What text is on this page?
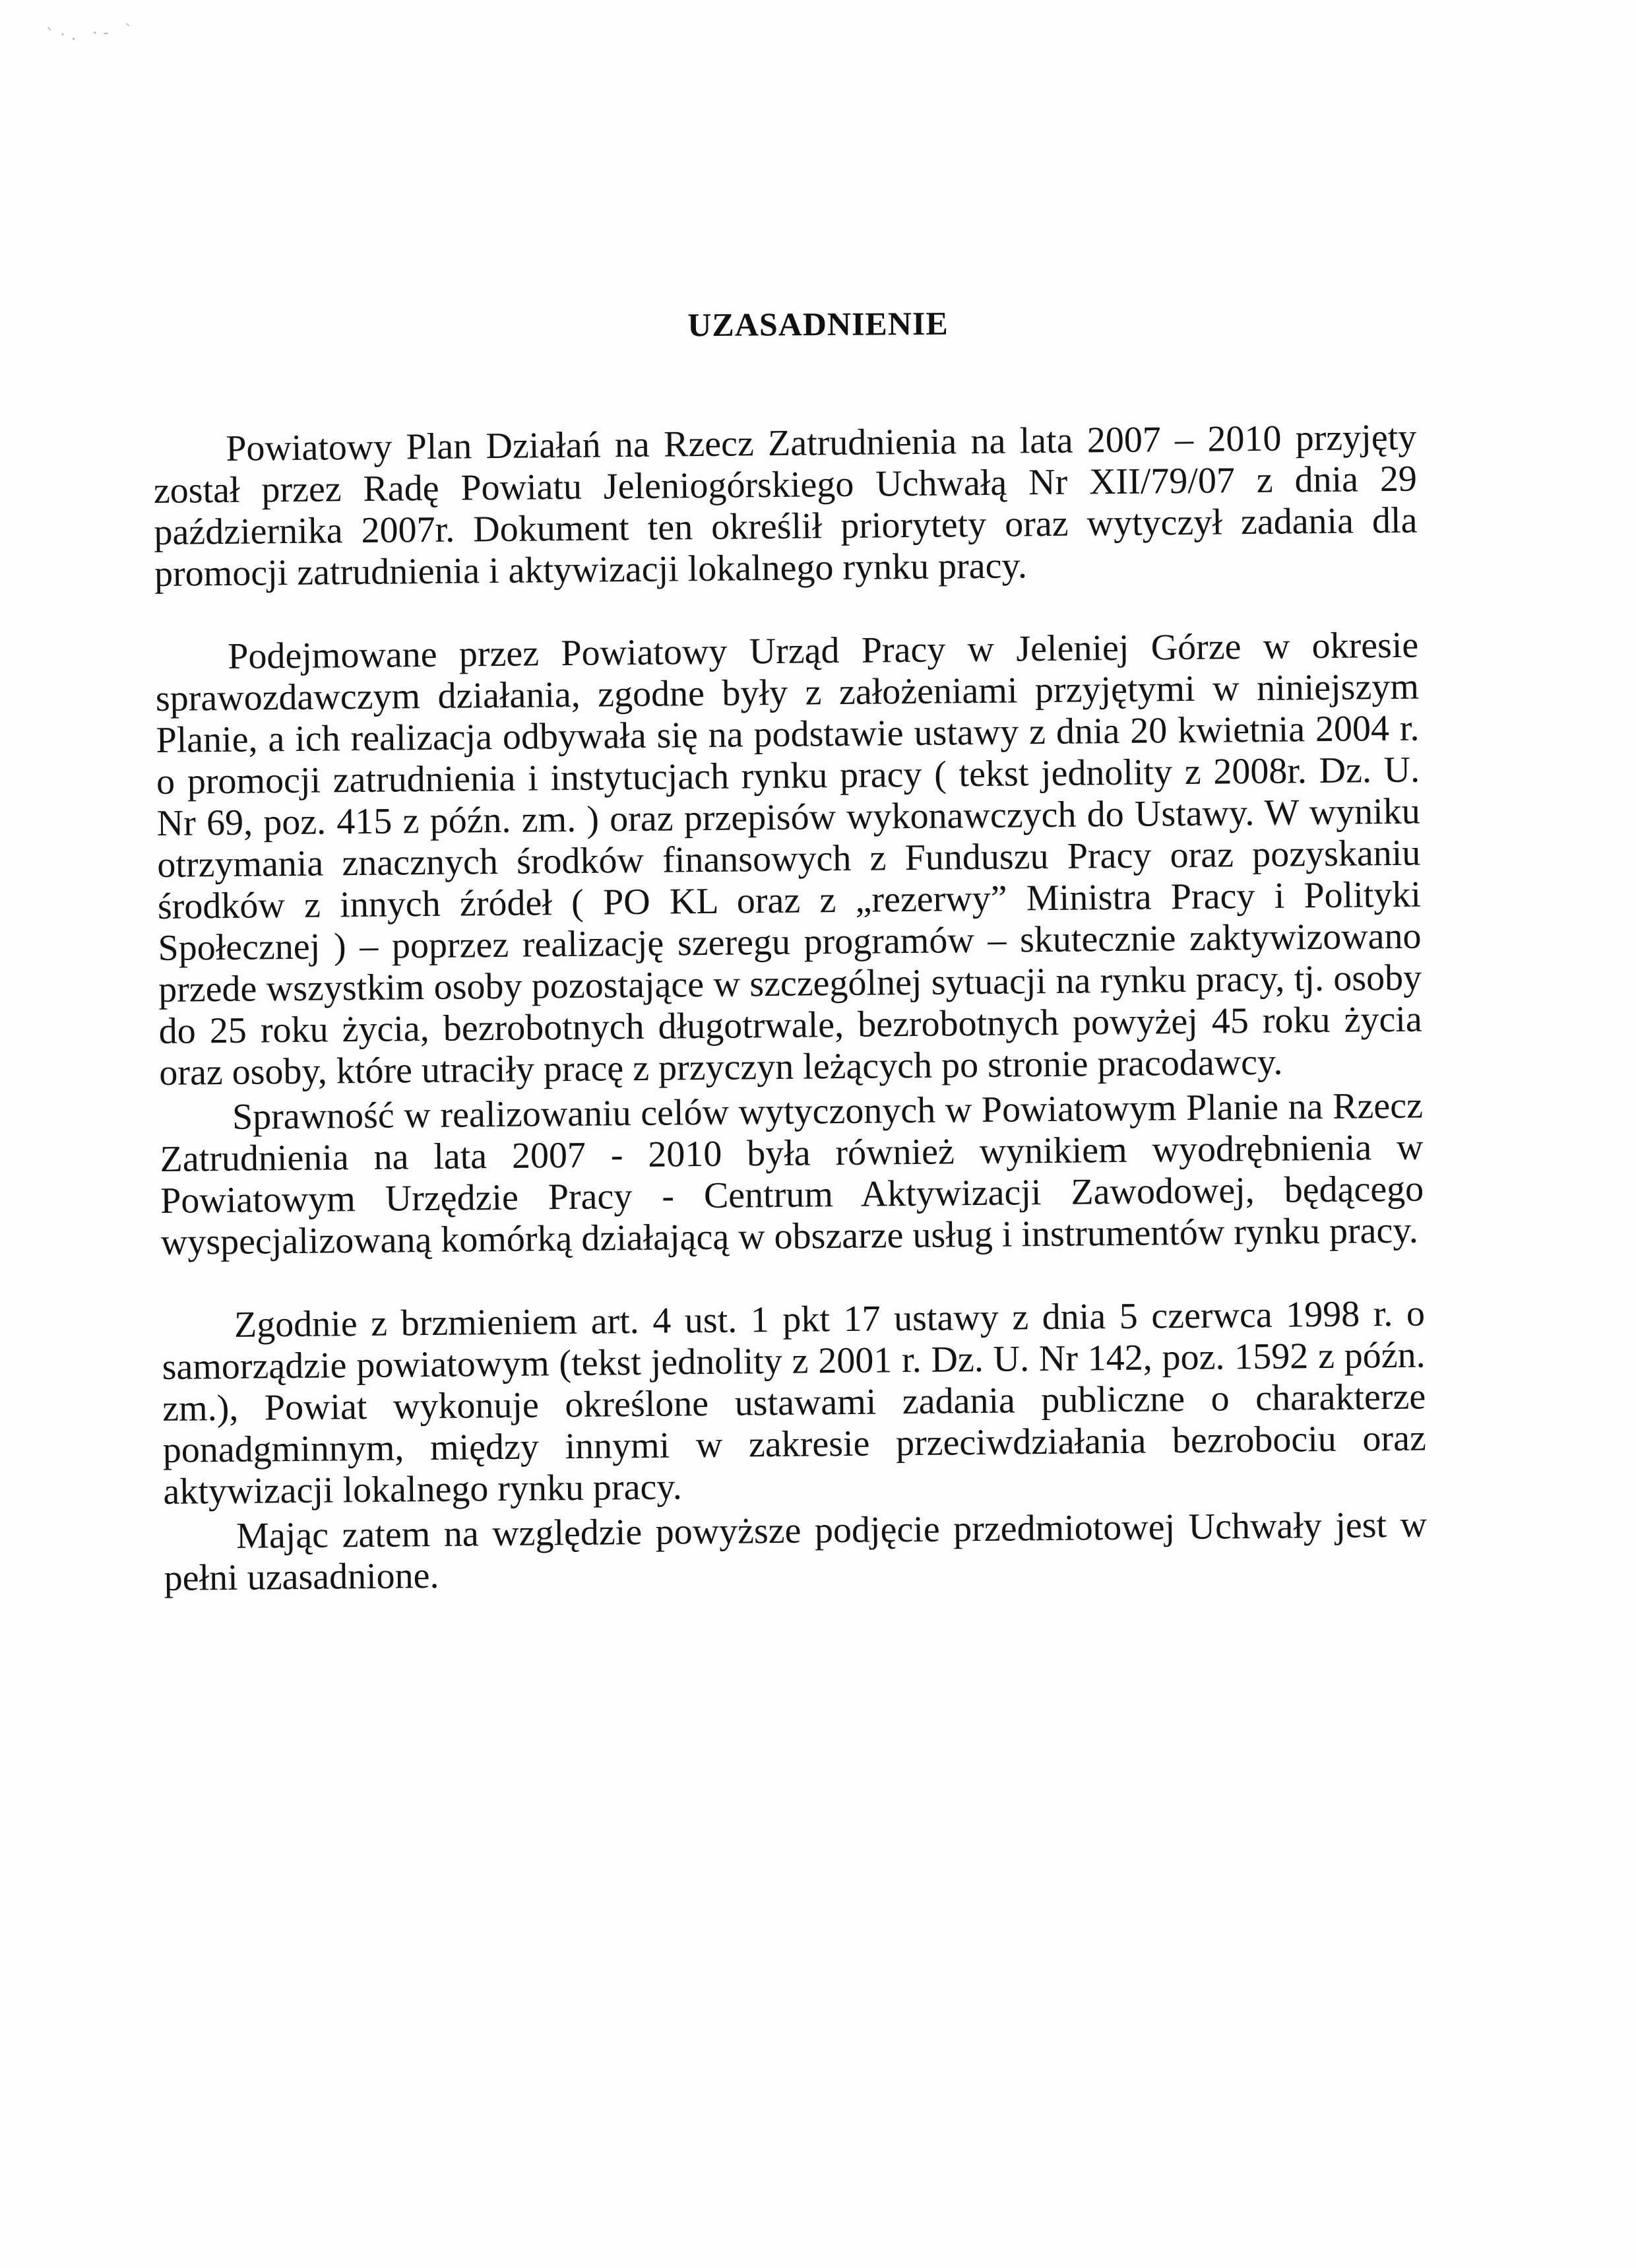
`·. ·- `
UZASADNIENIE

Powiatowy Plan Działań na Rzecz Zatrudnienia na lata 2007 – 2010 przyjęty został przez Radę Powiatu Jeleniogórskiego Uchwałą Nr XII/79/07 z dnia 29 października 2007r. Dokument ten określił priorytety oraz wytyczył zadania dla promocji zatrudnienia i aktywizacji lokalnego rynku pracy.

Podejmowane przez Powiatowy Urząd Pracy w Jeleniej Górze w okresie sprawozdawczym działania, zgodne były z założeniami przyjętymi w niniejszym Planie, a ich realizacja odbywała się na podstawie ustawy z dnia 20 kwietnia 2004 r. o promocji zatrudnienia i instytucjach rynku pracy ( tekst jednolity z 2008r. Dz. U. Nr 69, poz. 415 z późn. zm. ) oraz przepisów wykonawczych do Ustawy. W wyniku otrzymania znacznych środków finansowych z Funduszu Pracy oraz pozyskaniu środków z innych źródeł ( PO KL oraz z „rezerwy” Ministra Pracy i Polityki Społecznej ) – poprzez realizację szeregu programów – skutecznie zaktywizowano przede wszystkim osoby pozostające w szczególnej sytuacji na rynku pracy, tj. osoby do 25 roku życia, bezrobotnych długotrwale, bezrobotnych powyżej 45 roku życia oraz osoby, które utraciły pracę z przyczyn leżących po stronie pracodawcy.

Sprawność w realizowaniu celów wytyczonych w Powiatowym Planie na Rzecz Zatrudnienia na lata 2007 - 2010 była również wynikiem wyodrębnienia w Powiatowym Urzędzie Pracy - Centrum Aktywizacji Zawodowej, będącego wyspecjalizowaną komórką działającą w obszarze usług i instrumentów rynku pracy.

Zgodnie z brzmieniem art. 4 ust. 1 pkt 17 ustawy z dnia 5 czerwca 1998 r. o samorządzie powiatowym (tekst jednolity z 2001 r. Dz. U. Nr 142, poz. 1592 z późn. zm.), Powiat wykonuje określone ustawami zadania publiczne o charakterze ponadgminnym, między innymi w zakresie przeciwdziałania bezrobociu oraz aktywizacji lokalnego rynku pracy.

Mając zatem na względzie powyższe podjęcie przedmiotowej Uchwały jest w pełni uzasadnione.
